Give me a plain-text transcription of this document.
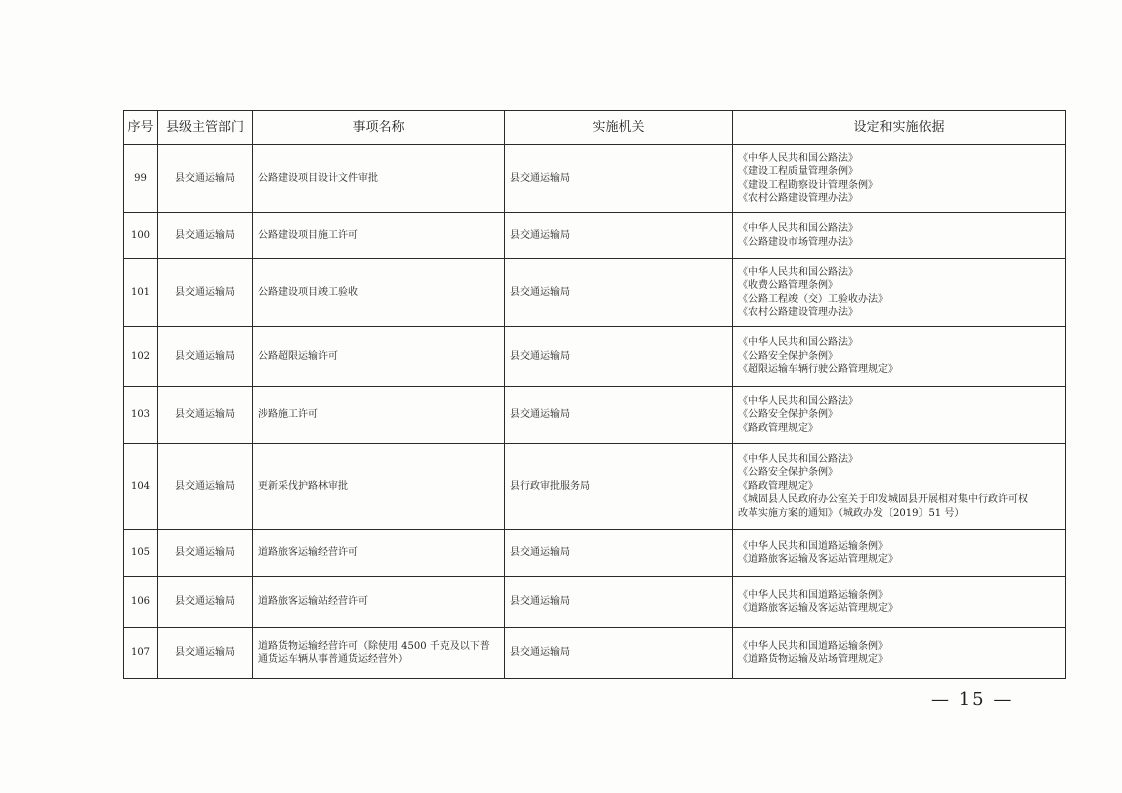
序号	县级主管部门	事项名称	实施机关	设定和实施依据
99	县交通运输局	公路建设项目设计文件审批	县交通运输局	《中华人民共和国公路法》
《建设工程质量管理条例》
《建设工程勘察设计管理条例》
《农村公路建设管理办法》

100	县交通运输局	公路建设项目施工许可	县交通运输局	《中华人民共和国公路法》
《公路建设市场管理办法》

101	县交通运输局	公路建设项目竣工验收	县交通运输局	《中华人民共和国公路法》
《收费公路管理条例》
《公路工程竣（交）工验收办法》
《农村公路建设管理办法》

102	县交通运输局	公路超限运输许可	县交通运输局	《中华人民共和国公路法》
《公路安全保护条例》
《超限运输车辆行驶公路管理规定》

103	县交通运输局	涉路施工许可	县交通运输局	《中华人民共和国公路法》
《公路安全保护条例》
《路政管理规定》

104	县交通运输局	更新采伐护路林审批	县行政审批服务局	《中华人民共和国公路法》
《公路安全保护条例》
《路政管理规定》
《城固县人民政府办公室关于印发城固县开展相对集中行政许可权
改革实施方案的通知》（城政办发〔2019〕51 号）

105	县交通运输局	道路旅客运输经营许可	县交通运输局	《中华人民共和国道路运输条例》
《道路旅客运输及客运站管理规定》

106	县交通运输局	道路旅客运输站经营许可	县交通运输局	《中华人民共和国道路运输条例》
《道路旅客运输及客运站管理规定》

107	县交通运输局	道路货物运输经营许可（除使用 4500 千克及以下普通货运车辆从事普通货运经营外）	县交通运输局	《中华人民共和国道路运输条例》
《道路货物运输及站场管理规定》
— 15 —
